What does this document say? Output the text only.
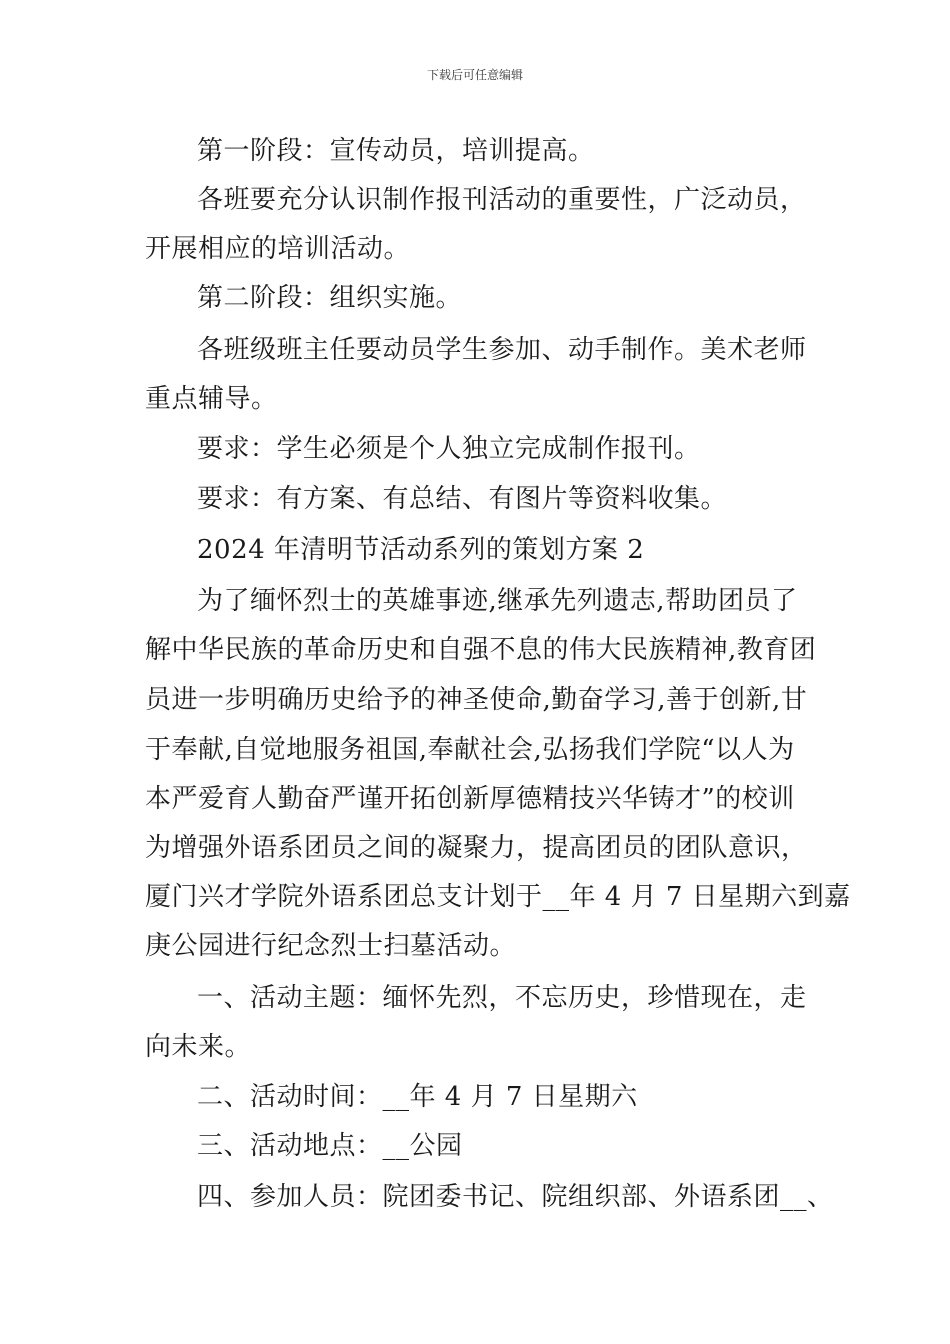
下载后可任意编辑
第一阶段：宣传动员，培训提高。
各班要充分认识制作报刊活动的重要性，广泛动员，
开展相应的培训活动。
第二阶段：组织实施。
各班级班主任要动员学生参加、动手制作。美术老师
重点辅导。
要求：学生必须是个人独立完成制作报刊。
要求：有方案、有总结、有图片等资料收集。
2024 年清明节活动系列的策划方案 2
为了缅怀烈士的英雄事迹,继承先列遗志,帮助团员了
解中华民族的革命历史和自强不息的伟大民族精神,教育团
员进一步明确历史给予的神圣使命,勤奋学习,善于创新,甘
于奉献,自觉地服务祖国,奉献社会,弘扬我们学院“以人为
本严爱育人勤奋严谨开拓创新厚德精技兴华铸才”的校训
为增强外语系团员之间的凝聚力，提高团员的团队意识，
厦门兴才学院外语系团总支计划于__年 4 月 7 日星期六到嘉
庚公园进行纪念烈士扫墓活动。
一、活动主题：缅怀先烈，不忘历史，珍惜现在，走
向未来。
二、活动时间：__年 4 月 7 日星期六
三、活动地点：__公园
四、参加人员：院团委书记、院组织部、外语系团__、
